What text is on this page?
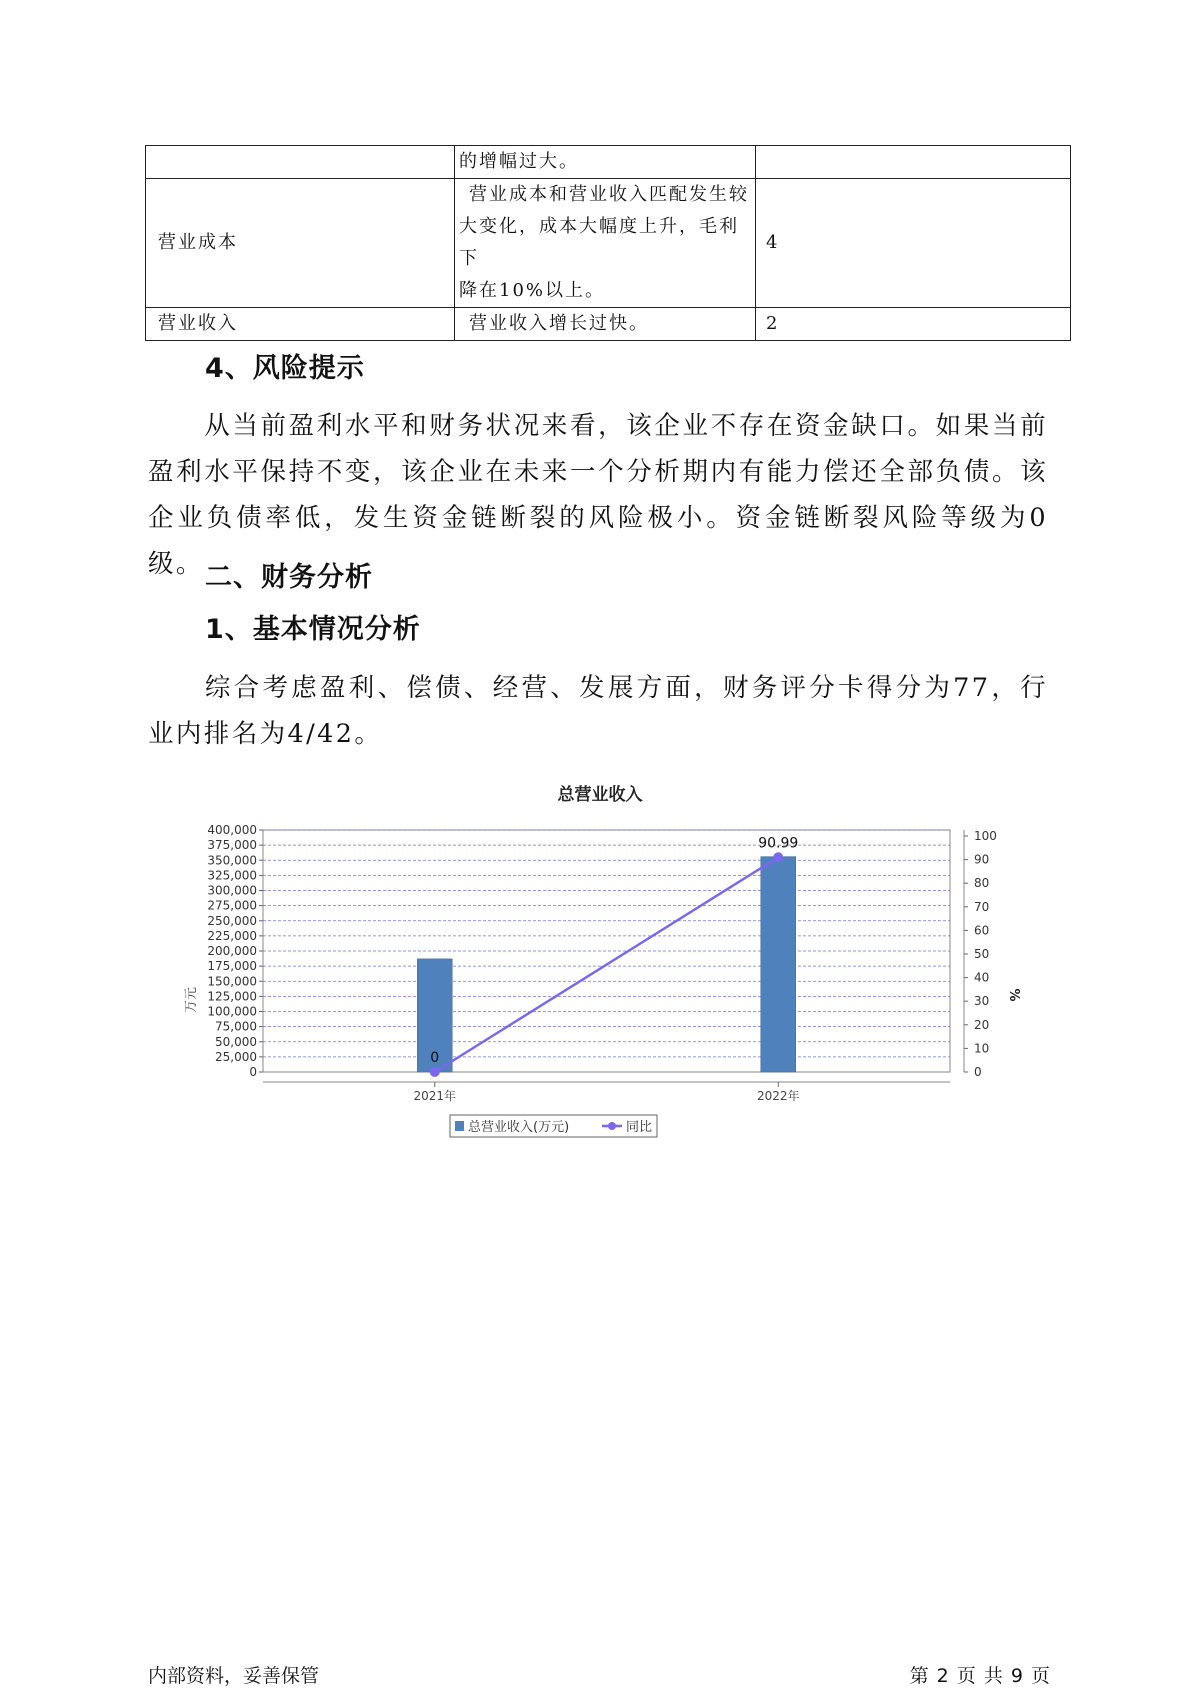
	的增幅过大。	

营业成本	营业成本和营业收入匹配发生较
大变化，成本大幅度上升，毛利下
降在10%以上。	4
营业收入	营业收入增长过快。	2
4、风险提示
从当前盈利水平和财务状况来看，该企业不存在资金缺口。如果当前盈利水平保持不变，该企业在未来一个分析期内有能力偿还全部负债。该企业负债率低，发生资金链断裂的风险极小。资金链断裂风险等级为0级。 二、财务分析
1、基本情况分析
综合考虑盈利、偿债、经营、发展方面，财务评分卡得分为77，行业内排名为4/42。
总营业收入
万元	%
0
25,000
50,000
75,000
100,000
125,000
150,000
175,000
200,000
225,000
250,000
275,000
300,000
325,000
350,000
375,000
400,000
0
10
20
30
40
50
60
70
80
90
100
0
90.99
2021年	2022年
总营业收入(万元)	同比
内部资料，妥善保管	第 2 页 共 9 页
